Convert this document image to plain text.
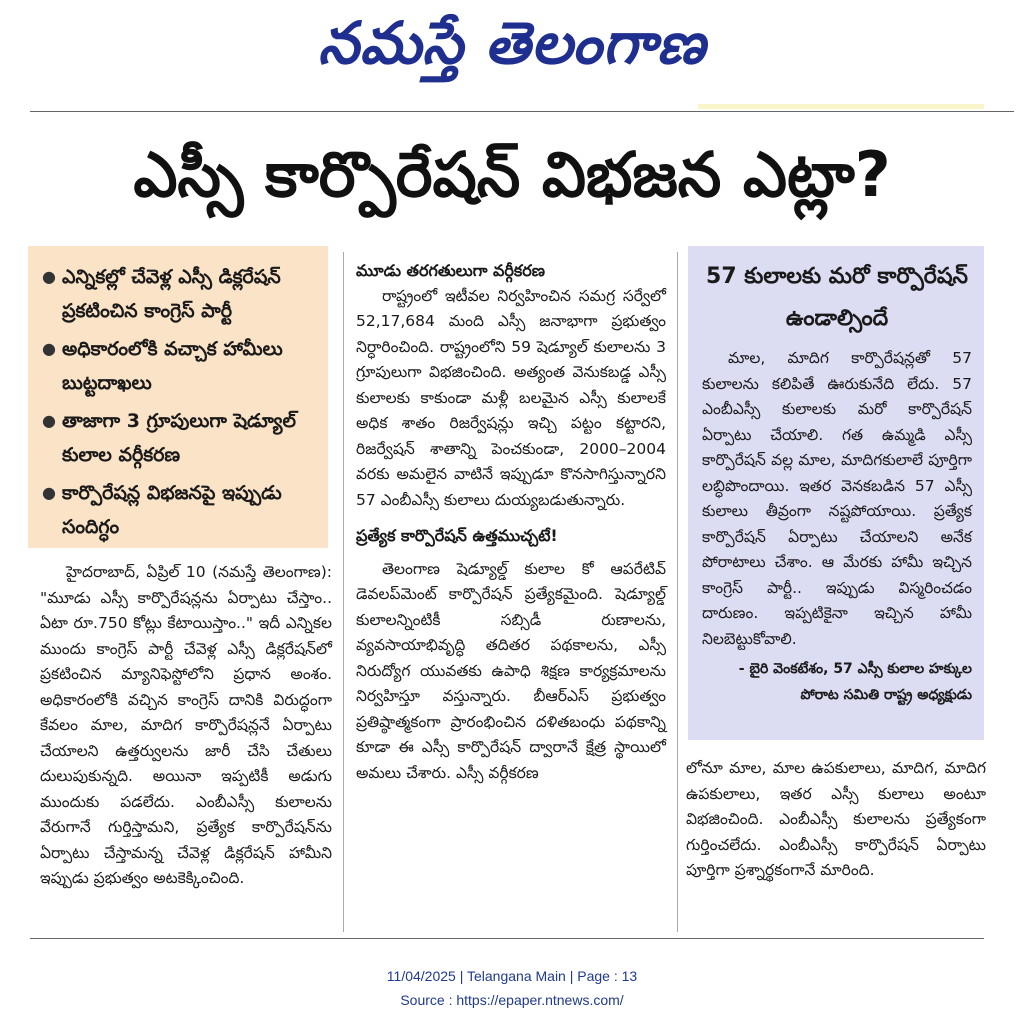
నమస్తే తెలంగాణ
ఎస్సీ కార్పొరేషన్ విభజన ఎట్లా?
● ఎన్నికల్లో చేవెళ్ల ఎస్సీ డిక్లరేషన్ ప్రకటించిన కాంగ్రెస్ పార్టీ
● అధికారంలోకి వచ్చాక హామీలు బుట్టదాఖలు
● తాజాగా 3 గ్రూపులుగా షెడ్యూల్ కులాల వర్గీకరణ
● కార్పొరేషన్ల విభజనపై ఇప్పుడు సందిగ్ధం

హైదరాబాద్, ఏప్రిల్ 10 (నమస్తే తెలంగాణ): "మూడు ఎస్సీ కార్పొరేషన్లను ఏర్పాటు చేస్తాం.. ఏటా రూ.750 కోట్లు కేటాయిస్తాం.." ఇదీ ఎన్నికల ముందు కాంగ్రెస్ పార్టీ చేవెళ్ల ఎస్సీ డిక్లరేషన్‌లో ప్రకటించిన మ్యానిఫెస్టోలోని ప్రధాన అంశం. అధికారంలోకి వచ్చిన కాంగ్రెస్ దానికి విరుద్ధంగా కేవలం మాల, మాదిగ కార్పొరేషన్లనే ఏర్పాటు చేయాలని ఉత్తర్వులను జారీ చేసి చేతులు దులుపుకున్నది. అయినా ఇప్పటికీ అడుగు ముందుకు పడలేదు. ఎంబీఎస్సీ కులాలను వేరుగానే గుర్తిస్తామని, ప్రత్యేక కార్పొరేషన్‌ను ఏర్పాటు చేస్తామన్న చేవెళ్ల డిక్లరేషన్ హామీని ఇప్పుడు ప్రభుత్వం అటకెక్కించింది.

మూడు తరగతులుగా వర్గీకరణ

రాష్ట్రంలో ఇటీవల నిర్వహించిన సమగ్ర సర్వేలో 52,17,684 మంది ఎస్సీ జనాభాగా ప్రభుత్వం నిర్ధారించింది. రాష్ట్రంలోని 59 షెడ్యూల్ కులాలను 3 గ్రూపులుగా విభజించింది. అత్యంత వెనుకబడ్డ ఎస్సీ కులాలకు కాకుండా మళ్లీ బలమైన ఎస్సీ కులాలకే అధిక శాతం రిజర్వేషన్లు ఇచ్చి పట్టం కట్టారని, రిజర్వేషన్ శాతాన్ని పెంచకుండా, 2000–2004 వరకు అమలైన వాటినే ఇప్పుడూ కొనసాగిస్తున్నారని 57 ఎంబీఎస్సీ కులాలు దుయ్యబడుతున్నారు.

ప్రత్యేక కార్పొరేషన్ ఉత్తముచ్చటే!

తెలంగాణ షెడ్యూల్డ్ కులాల కో ఆపరేటివ్ డెవలప్‌మెంట్ కార్పొరేషన్ ప్రత్యేకమైంది. షెడ్యూల్డ్ కులాలన్నింటికీ సబ్సిడీ రుణాలను, వ్యవసాయాభివృద్ధి తదితర పథకాలను, ఎస్సీ నిరుద్యోగ యువతకు ఉపాధి శిక్షణ కార్యక్రమాలను నిర్వహిస్తూ వస్తున్నారు. బీఆర్ఎస్ ప్రభుత్వం ప్రతిష్ఠాత్మకంగా ప్రారంభించిన దళితబంధు పథకాన్ని కూడా ఈ ఎస్సీ కార్పొరేషన్ ద్వారానే క్షేత్ర స్థాయిలో అమలు చేశారు. ఎస్సీ వర్గీకరణ

57 కులాలకు మరో కార్పొరేషన్ ఉండాల్సిందే

మాల, మాదిగ కార్పొరేషన్లతో 57 కులాలను కలిపితే ఊరుకునేది లేదు. 57 ఎంబీఎస్సీ కులాలకు మరో కార్పొరేషన్ ఏర్పాటు చేయాలి. గత ఉమ్మడి ఎస్సీ కార్పొరేషన్ వల్ల మాల, మాదిగకులాలే పూర్తిగా లబ్ధిపొందాయి. ఇతర వెనకబడిన 57 ఎస్సీ కులాలు తీవ్రంగా నష్టపోయాయి. ప్రత్యేక కార్పొరేషన్ ఏర్పాటు చేయాలని అనేక పోరాటాలు చేశాం. ఆ మేరకు హామీ ఇచ్చిన కాంగ్రెస్ పార్టీ.. ఇప్పుడు విస్మరించడం దారుణం. ఇప్పటికైనా ఇచ్చిన హామీ నిలబెట్టుకోవాలి.

- బైరి వెంకటేశం, 57 ఎస్సీ కులాల హక్కుల పోరాట సమితి రాష్ట్ర అధ్యక్షుడు

లోనూ మాల, మాల ఉపకులాలు, మాదిగ, మాదిగ ఉపకులాలు, ఇతర ఎస్సీ కులాలు అంటూ విభజించింది. ఎంబీఎస్సీ కులాలను ప్రత్యేకంగా గుర్తించలేదు. ఎంబీఎస్సీ కార్పొరేషన్ ఏర్పాటు పూర్తిగా ప్రశ్నార్థకంగానే మారింది.

11/04/2025 | Telangana Main | Page : 13
Source : https://epaper.ntnews.com/
